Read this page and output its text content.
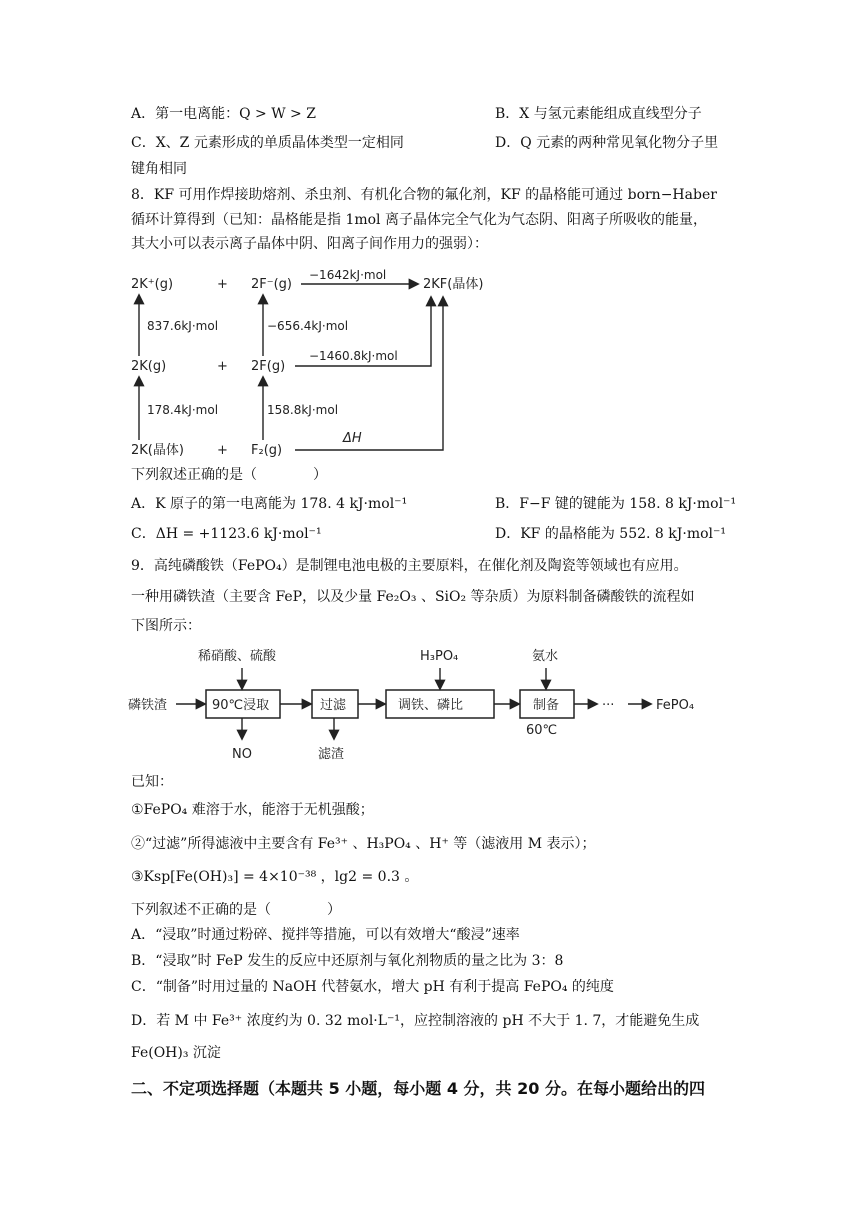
A．第一电离能：Q > W > Z	B．X 与氢元素能组成直线型分子
C．X、Z 元素形成的单质晶体类型一定相同	D．Q 元素的两种常见氧化物分子里
键角相同
8．KF 可用作焊接助熔剂、杀虫剂、有机化合物的氟化剂，KF 的晶格能可通过 born−Haber
循环计算得到（已知：晶格能是指 1mol 离子晶体完全气化为气态阴、阳离子所吸收的能量，
其大小可以表示离子晶体中阴、阳离子间作用力的强弱）：
2K⁺(g)	+ 2F⁻(g)
−1642kJ·mol
2KF(晶体)
2K(g)	+ 2F(g)
−1460.8kJ·mol
2K(晶体)	+ F₂(g)
ΔH
837.6kJ·mol	−656.4kJ·mol
178.4kJ·mol	158.8kJ·mol
下列叙述正确的是（　　　　）
A．K 原子的第一电离能为 178. 4 kJ·mol⁻¹	B．F−F 键的键能为 158. 8 kJ·mol⁻¹
C．ΔH = +1123.6 kJ·mol⁻¹	D．KF 的晶格能为 552. 8 kJ·mol⁻¹
9．高纯磷酸铁（FePO₄）是制锂电池电极的主要原料，在催化剂及陶瓷等领域也有应用。
一种用磷铁渣（主要含 FeP，以及少量 Fe₂O₃ 、SiO₂ 等杂质）为原料制备磷酸铁的流程如
下图所示：
磷铁渣
稀硝酸、硫酸
90℃浸取
NO
过滤
滤渣
H₃PO₄
调铁、磷比
氨水
制备
60℃
···	FePO₄
已知：
①FePO₄ 难溶于水，能溶于无机强酸；
②“过滤”所得滤液中主要含有 Fe³⁺ 、H₃PO₄ 、H⁺ 等（滤液用 M 表示）；
③Ksp[Fe(OH)₃] = 4×10⁻³⁸ ，lg2 = 0.3 。
下列叙述不正确的是（　　　　）
A．“浸取”时通过粉碎、搅拌等措施，可以有效增大“酸浸”速率
B．“浸取”时 FeP 发生的反应中还原剂与氧化剂物质的量之比为 3：8
C．“制备”时用过量的 NaOH 代替氨水，增大 pH 有利于提高 FePO₄ 的纯度
D．若 M 中 Fe³⁺ 浓度约为 0. 32 mol·L⁻¹，应控制溶液的 pH 不大于 1. 7，才能避免生成
Fe(OH)₃ 沉淀
二、不定项选择题（本题共 5 小题，每小题 4 分，共 20 分。在每小题给出的四
